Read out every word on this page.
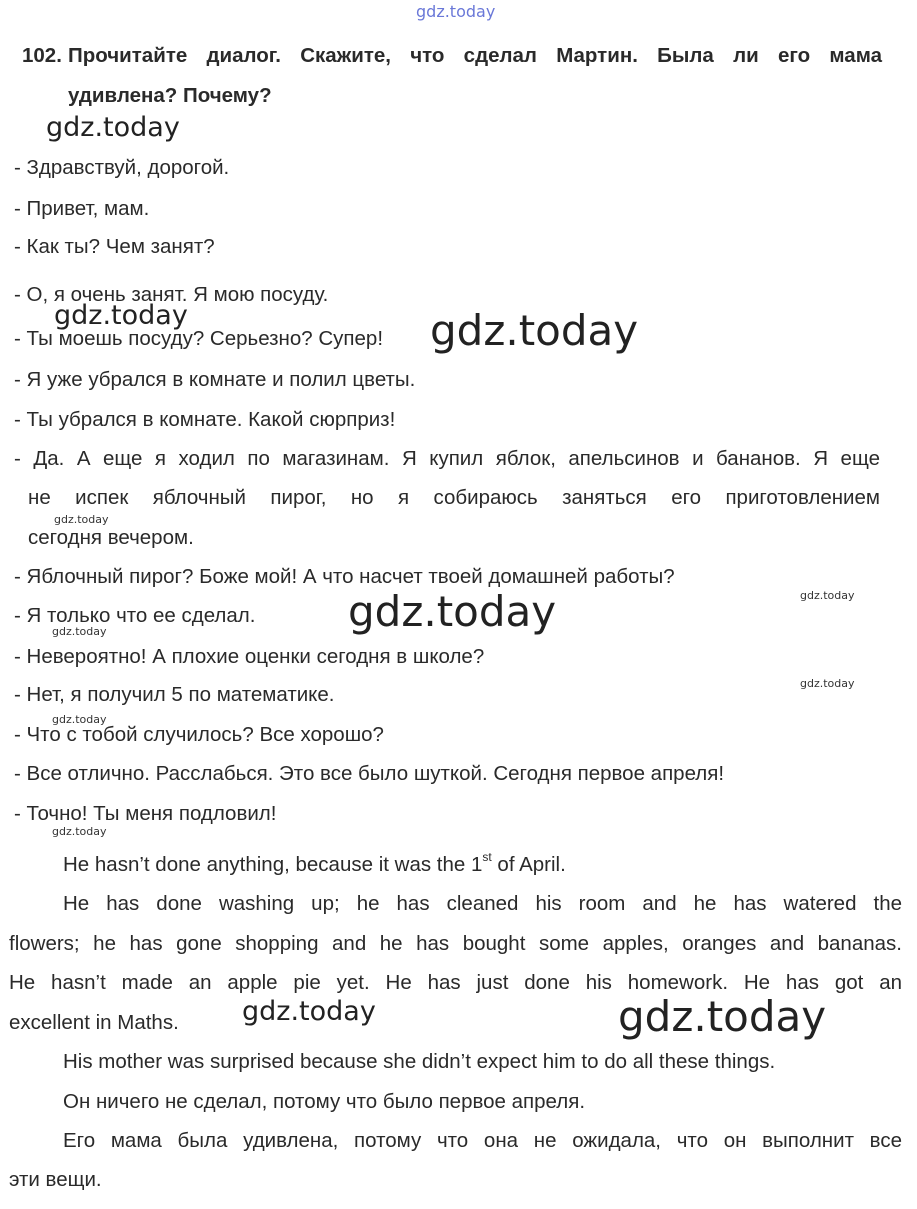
gdz.today
gdz.today
gdz.today	gdz.today
gdz.today
gdz.today	gdz.today
gdz.today
gdz.today
gdz.today
gdz.today
gdz.today	gdz.today
102. Прочитайте диалог. Скажите, что сделал Мартин. Была ли его мама
удивлена? Почему?
- Здравствуй, дорогой.
- Привет, мам.
- Как ты? Чем занят?
- О, я очень занят. Я мою посуду.
- Ты моешь посуду? Серьезно? Супер!
- Я уже убрался в комнате и полил цветы.
- Ты убрался в комнате. Какой сюрприз!
- Да. А еще я ходил по магазинам. Я купил яблок, апельсинов и бананов. Я еще
не испек яблочный пирог, но я собираюсь заняться его приготовлением
сегодня вечером.
- Яблочный пирог? Боже мой! А что насчет твоей домашней работы?
- Я только что ее сделал.
- Невероятно! А плохие оценки сегодня в школе?
- Нет, я получил 5 по математике.
- Что с тобой случилось? Все хорошо?
- Все отлично. Расслабься. Это все было шуткой. Сегодня первое апреля!
- Точно! Ты меня подловил!
He hasn’t done anything, because it was the 1st of April.
He has done washing up; he has cleaned his room and he has watered the
flowers; he has gone shopping and he has bought some apples, oranges and bananas.
He hasn’t made an apple pie yet. He has just done his homework. He has got an
excellent in Maths.
His mother was surprised because she didn’t expect him to do all these things.
Он ничего не сделал, потому что было первое апреля.
Его мама была удивлена, потому что она не ожидала, что он выполнит все
эти вещи.
